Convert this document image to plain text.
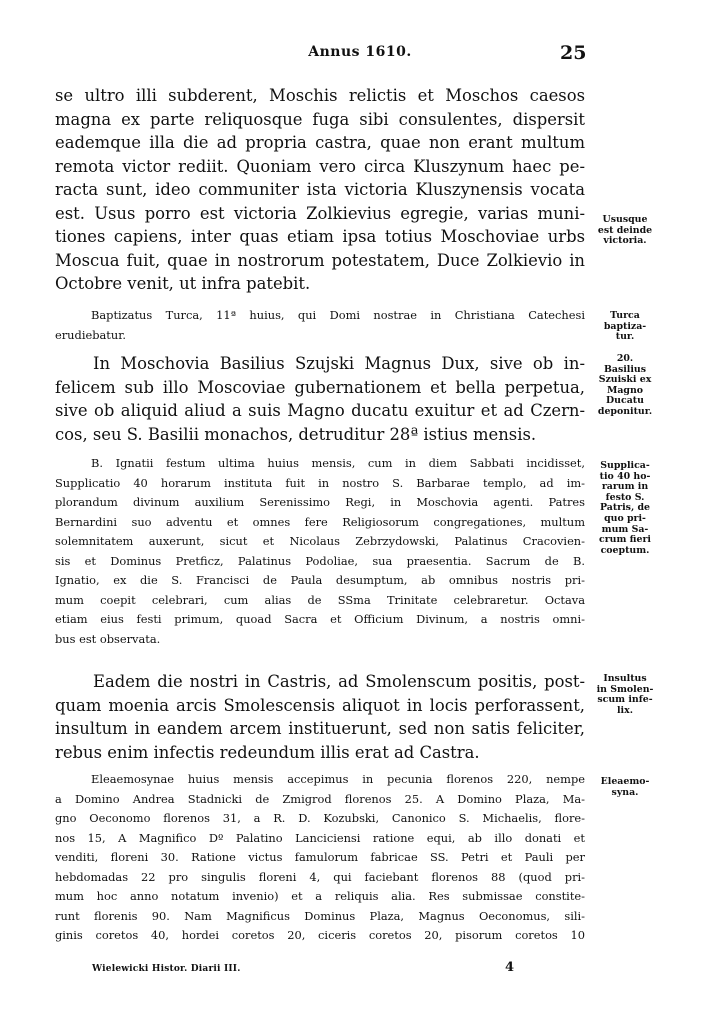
Annus 1610.	25
se ultro illi subderent, Moschis relictis et Moschos caesos
magna ex parte reliquosque fuga sibi consulentes, dispersit
eademque illa die ad propria castra, quae non erant multum
remota victor rediit. Quoniam vero circa Kluszynum haec pe-
racta sunt, ideo communiter ista victoria Kluszynensis vocata
est. Usus porro est victoria Zolkievius egregie, varias muni-
tiones capiens, inter quas etiam ipsa totius Moschoviae urbs
Moscua fuit, quae in nostrorum potestatem, Duce Zolkievio in
Octobre venit, ut infra patebit.
Baptizatus Turca, 11ª huius, qui Domi nostrae in Christiana Catechesi
erudiebatur.
In Moschovia Basilius Szujski Magnus Dux, sive ob in-
felicem sub illo Moscoviae gubernationem et bella perpetua,
sive ob aliquid aliud a suis Magno ducatu exuitur et ad Czern-
cos, seu S. Basilii monachos, detruditur 28ª istius mensis.
B. Ignatii festum ultima huius mensis, cum in diem Sabbati incidisset,
Supplicatio 40 horarum instituta fuit in nostro S. Barbarae templo, ad im-
plorandum divinum auxilium Serenissimo Regi, in Moschovia agenti. Patres
Bernardini suo adventu et omnes fere Religiosorum congregationes, multum
solemnitatem auxerunt, sicut et Nicolaus Zebrzydowski, Palatinus Cracovien-
sis et Dominus Pretficz, Palatinus Podoliae, sua praesentia. Sacrum de B.
Ignatio, ex die S. Francisci de Paula desumptum, ab omnibus nostris pri-
mum coepit celebrari, cum alias de SSma Trinitate celebraretur. Octava
etiam eius festi primum, quoad Sacra et Officium Divinum, a nostris omni-
bus est observata.
Eadem die nostri in Castris, ad Smolenscum positis, post-
quam moenia arcis Smolescensis aliquot in locis perforassent,
insultum in eandem arcem instituerunt, sed non satis feliciter,
rebus enim infectis redeundum illis erat ad Castra.
Eleaemosynae huius mensis accepimus in pecunia florenos 220, nempe
a Domino Andrea Stadnicki de Zmigrod florenos 25. A Domino Plaza, Ma-
gno Oeconomo florenos 31, a R. D. Kozubski, Canonico S. Michaelis, flore-
nos 15, A Magnifico Dº Palatino Lanciciensi ratione equi, ab illo donati et
venditi, floreni 30. Ratione victus famulorum fabricae SS. Petri et Pauli per
hebdomadas 22 pro singulis floreni 4, qui faciebant florenos 88 (quod pri-
mum hoc anno notatum invenio) et a reliquis alia. Res submissae constite-
runt florenis 90. Nam Magnificus Dominus Plaza, Magnus Oeconomus, sili-
ginis coretos 40, hordei coretos 20, ciceris coretos 20, pisorum coretos 10
Ususque
est deinde
victoria.
Turca
baptiza-
tur.
20.
Basilius
Szuiski ex
Magno
Ducatu
deponitur.
Supplica-
tio 40 ho-
rarum in
festo S.
Patris, de
quo pri-
mum Sa-
crum fieri
coeptum.
Insultus
in Smolen-
scum infe-
lix.
Eleaemo-
syna.
Wielewicki Histor. Diarii III.	4
